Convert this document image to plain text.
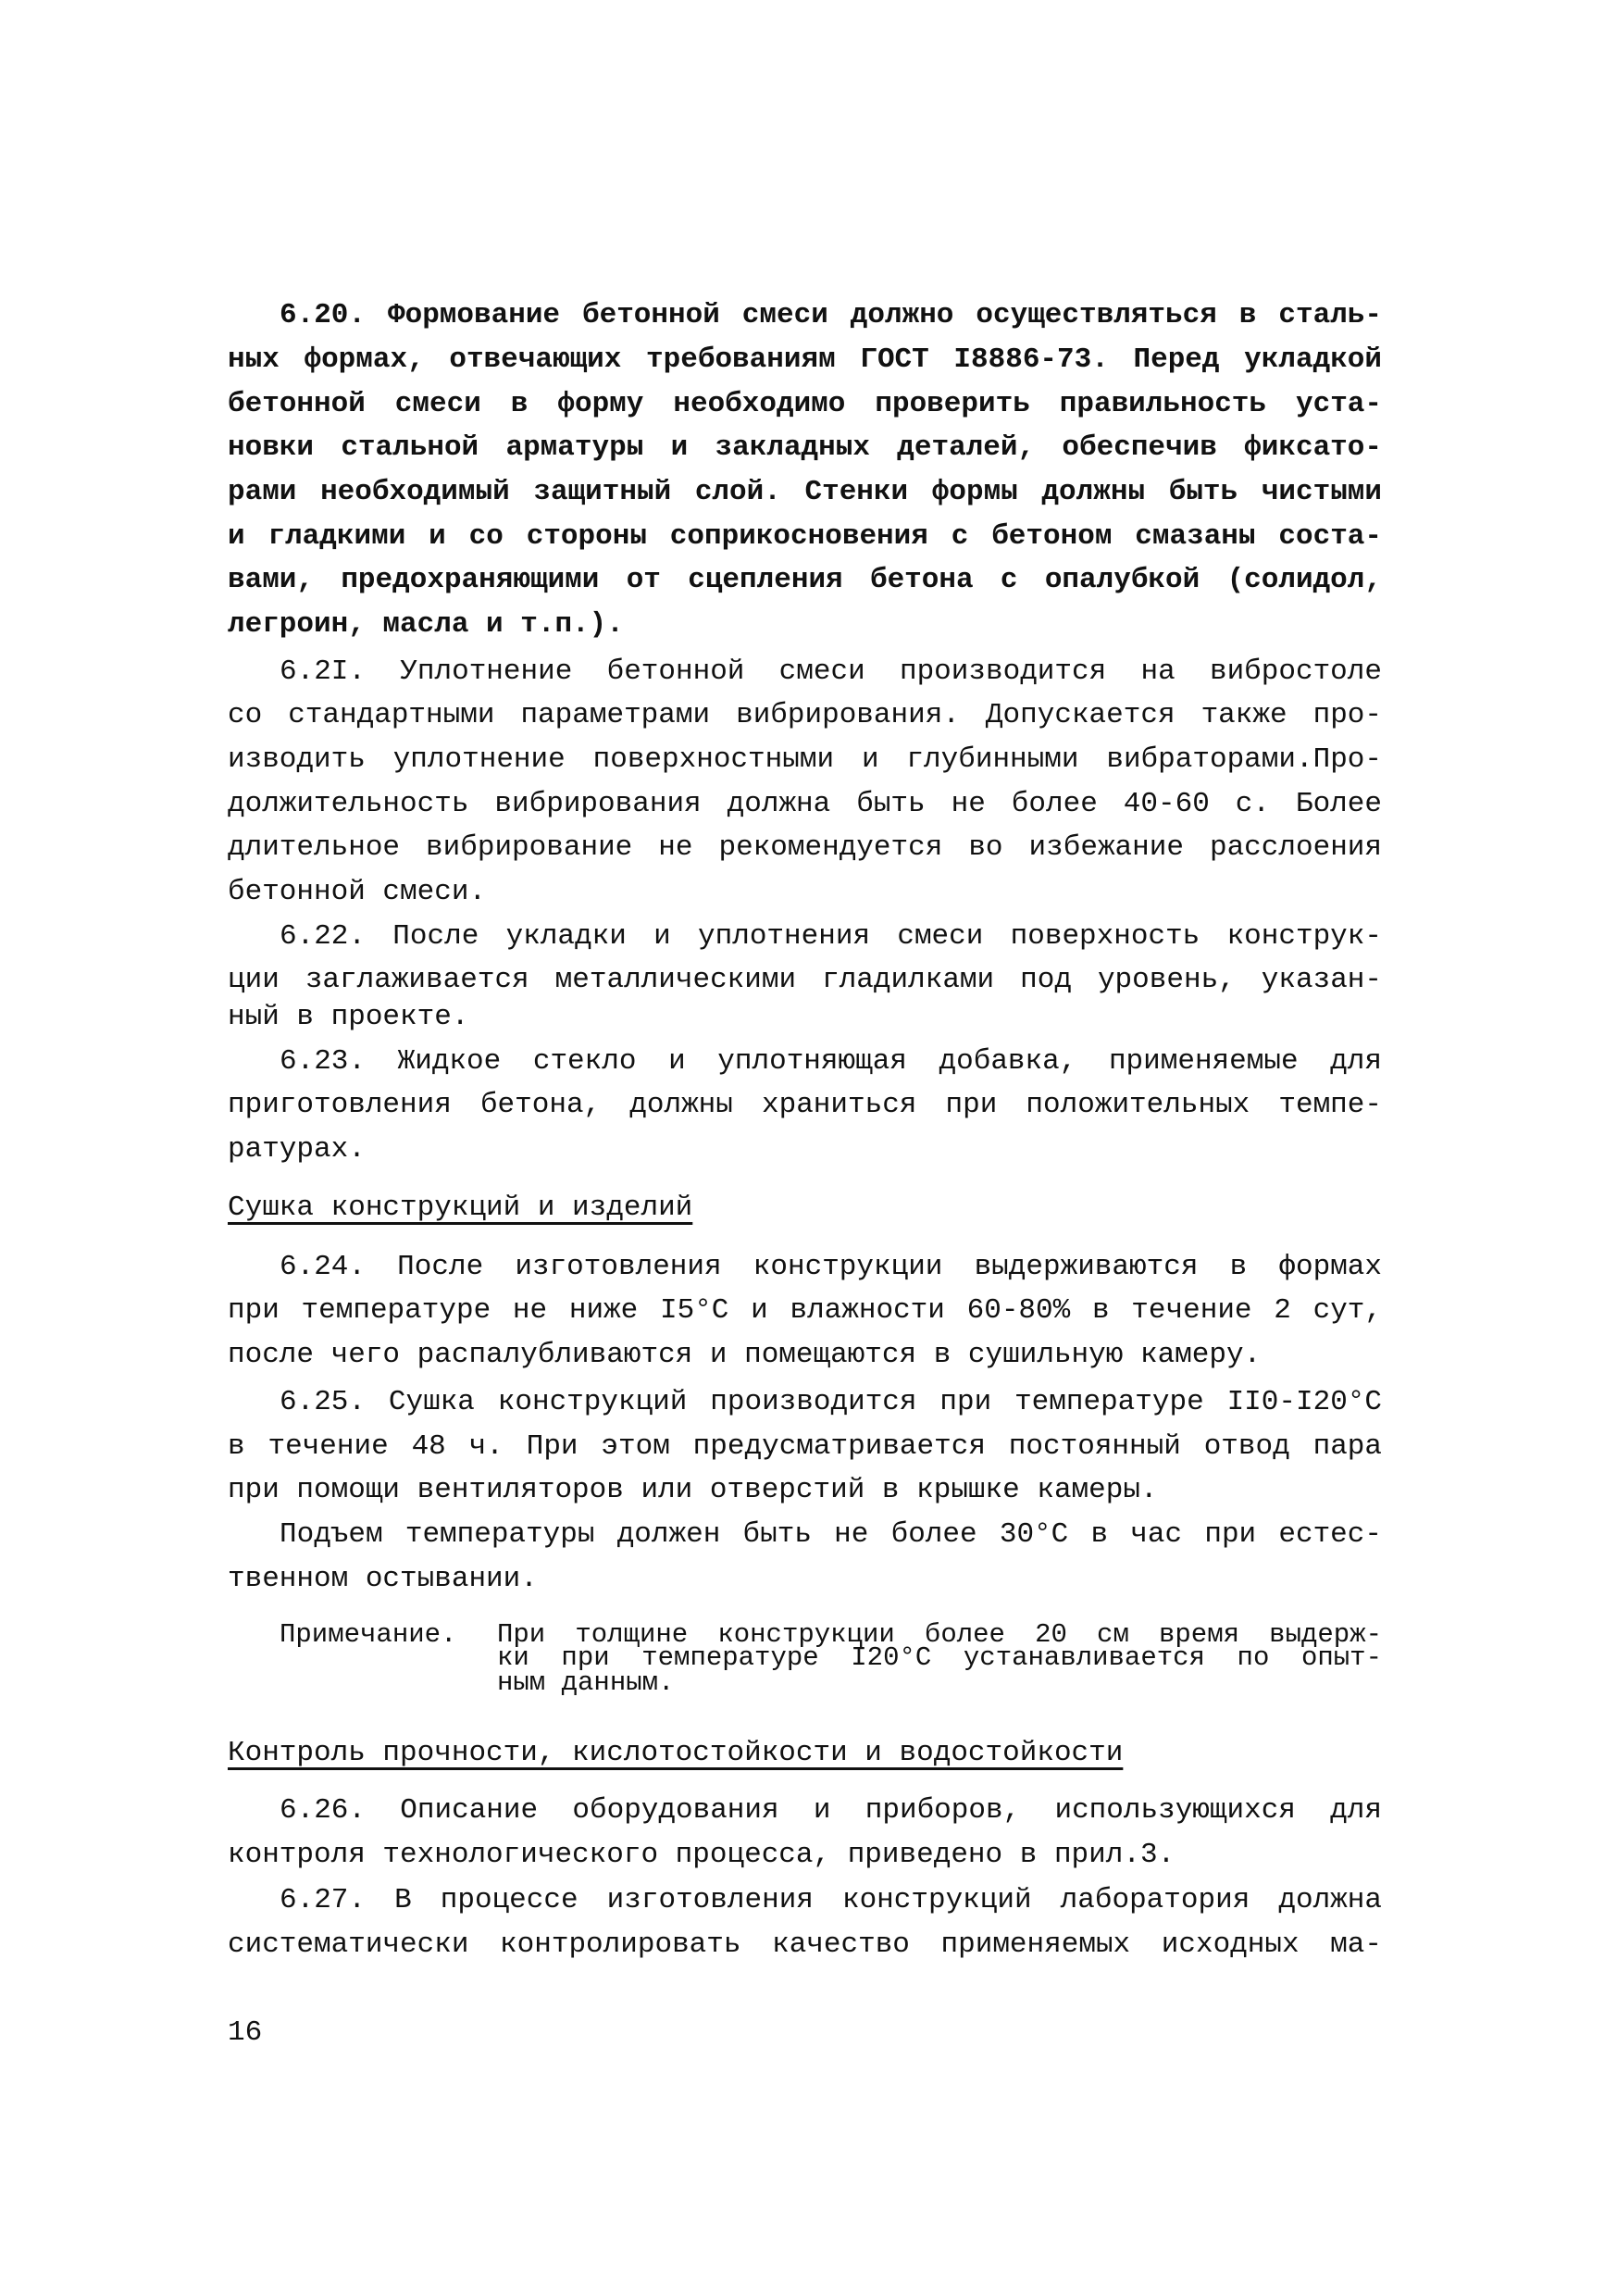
6.20. Формование бетонной смеси должно осуществляться в сталь-
ных формах, отвечающих требованиям ГОСТ I8886-73. Перед укладкой
бетонной смеси в форму необходимо проверить правильность уста-
новки стальной арматуры и закладных деталей, обеспечив фиксато-
рами необходимый защитный слой. Стенки формы должны быть чистыми
и гладкими и со стороны соприкосновения с бетоном смазаны соста-
вами, предохраняющими от сцепления бетона с опалубкой (солидол,
легроин, масла и т.п.).
6.2I. Уплотнение бетонной смеси производится на вибростоле
со стандартными параметрами вибрирования. Допускается также про-
изводить уплотнение поверхностными и глубинными вибраторами.Про-
должительность вибрирования должна быть не более 40-60 с. Более
длительное вибрирование не рекомендуется во избежание расслоения
бетонной смеси.
6.22. После укладки и уплотнения смеси поверхность конструк-
ции заглаживается металлическими гладилками под уровень, указан-
ный в проекте.
6.23. Жидкое стекло и уплотняющая добавка, применяемые для
приготовления бетона, должны храниться при положительных темпе-
ратурах.
Сушка конструкций и изделий
6.24. После изготовления конструкции выдерживаются в формах
при температуре не ниже I5°С и влажности 60-80% в течение 2 сут,
после чего распалубливаются и помещаются в сушильную камеру.
6.25. Сушка конструкций производится при температуре II0-I20°С
в течение 48 ч. При этом предусматривается постоянный отвод пара
при помощи вентиляторов или отверстий в крышке камеры.
Подъем температуры должен быть не более 30°С в час при естес-
твенном остывании.
Примечание. При толщине конструкции более 20 см время выдерж-
ки при температуре I20°С устанавливается по опыт-
ным данным.
Контроль прочности, кислотостойкости и водостойкости
6.26. Описание оборудования и приборов, использующихся для
контроля технологического процесса, приведено в прил.3.
6.27. В процессе изготовления конструкций лаборатория должна
систематически контролировать качество применяемых исходных ма-
16
